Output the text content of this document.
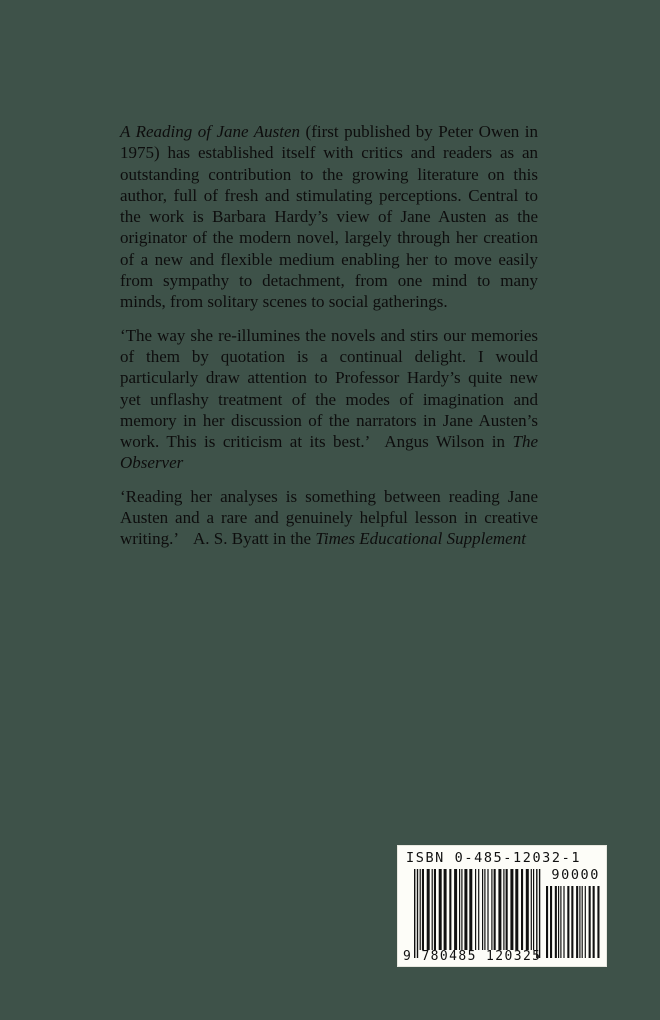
A Reading of Jane Austen (first published by Peter Owen in 1975) has established itself with critics and readers as an outstanding contribution to the growing literature on this author, full of fresh and stimulating perceptions. Central to the work is Barbara Hardy’s view of Jane Austen as the originator of the modern novel, largely through her creation of a new and flexible medium enabling her to move easily from sympathy to detachment, from one mind to many minds, from solitary scenes to social gatherings.

‘The way she re-illumines the novels and stirs our memories of them by quotation is a continual delight. I would particularly draw attention to Professor Hardy’s quite new yet unflashy treatment of the modes of imagination and memory in her discussion of the narrators in Jane Austen’s work. This is criticism at its best.’ Angus Wilson in The Observer

‘Reading her analyses is something between reading Jane Austen and a rare and genuinely helpful lesson in creative writing.’ A. S. Byatt in the Times Educational Supplement

ISBN 0-485-12032-1
90000
9 780485 120325
